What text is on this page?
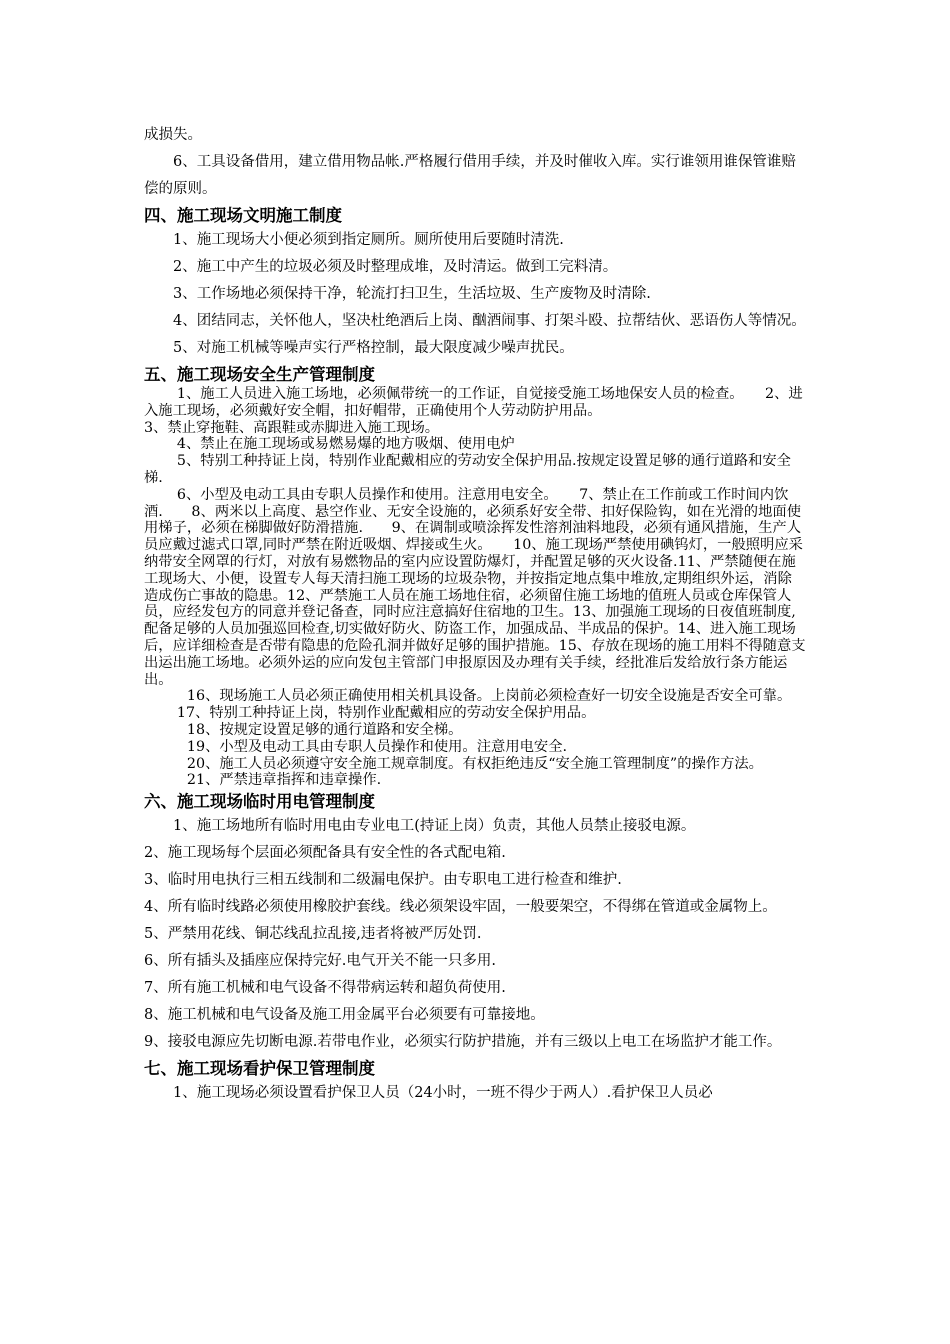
成损失。

6、工具设备借用，建立借用物品帐.严格履行借用手续，并及时催收入库。实行谁领用谁保管谁赔偿的原则。

四、施工现场文明施工制度

1、施工现场大小便必须到指定厕所。厕所使用后要随时清洗.

2、施工中产生的垃圾必须及时整理成堆，及时清运。做到工完料清。

3、工作场地必须保持干净，轮流打扫卫生，生活垃圾、生产废物及时清除.

4、团结同志，关怀他人，坚决杜绝酒后上岗、酗酒闹事、打架斗殴、拉帮结伙、恶语伤人等情况。

5、对施工机械等噪声实行严格控制，最大限度减少噪声扰民。

五、施工现场安全生产管理制度

1、施工人员进入施工场地，必须佩带统一的工作证，自觉接受施工场地保安人员的检查。　　2、进入施工现场，必须戴好安全帽，扣好帽带，正确使用个人劳动防护用品。

3、禁止穿拖鞋、高跟鞋或赤脚进入施工现场。

4、禁止在施工现场或易燃易爆的地方吸烟、使用电炉

5、特别工种持证上岗，特别作业配戴相应的劳动安全保护用品.按规定设置足够的通行道路和安全梯.

6、小型及电动工具由专职人员操作和使用。注意用电安全。　　7、禁止在工作前或工作时间内饮酒.　　8、两米以上高度、悬空作业、无安全设施的，必须系好安全带、扣好保险钩，如在光滑的地面使用梯子，必须在梯脚做好防滑措施.　　9、在调制或喷涂挥发性溶剂油料地段，必须有通风措施，生产人员应戴过滤式口罩,同时严禁在附近吸烟、焊接或生火。　　10、施工现场严禁使用碘钨灯，一般照明应采纳带安全网罩的行灯，对放有易燃物品的室内应设置防爆灯，并配置足够的灭火设备.11、严禁随便在施工现场大、小便，设置专人每天清扫施工现场的垃圾杂物，并按指定地点集中堆放,定期组织外运，消除造成伤亡事故的隐患。12、严禁施工人员在施工场地住宿，必须留住施工场地的值班人员或仓库保管人员，应经发包方的同意并登记备查，同时应注意搞好住宿地的卫生。13、加强施工现场的日夜值班制度,配备足够的人员加强巡回检查,切实做好防火、防盗工作，加强成品、半成品的保护。14、进入施工现场后，应详细检查是否带有隐患的危险孔洞并做好足够的围护措施。15、存放在现场的施工用料不得随意支出运出施工场地。必须外运的应向发包主管部门申报原因及办理有关手续，经批准后发给放行条方能运出。

16、现场施工人员必须正确使用相关机具设备。上岗前必须检查好一切安全设施是否安全可靠。

17、特别工种持证上岗，特别作业配戴相应的劳动安全保护用品。

18、按规定设置足够的通行道路和安全梯。

19、小型及电动工具由专职人员操作和使用。注意用电安全.

20、施工人员必须遵守安全施工规章制度。有权拒绝违反“安全施工管理制度”的操作方法。

21、严禁违章指挥和违章操作.

六、施工现场临时用电管理制度

1、施工场地所有临时用电由专业电工(持证上岗）负责，其他人员禁止接驳电源。

2、施工现场每个层面必须配备具有安全性的各式配电箱.

3、临时用电执行三相五线制和二级漏电保护。由专职电工进行检查和维护.

4、所有临时线路必须使用橡胶护套线。线必须架设牢固，一般要架空，不得绑在管道或金属物上。

5、严禁用花线、铜芯线乱拉乱接,违者将被严厉处罚.

6、所有插头及插座应保持完好.电气开关不能一只多用.

7、所有施工机械和电气设备不得带病运转和超负荷使用.

8、施工机械和电气设备及施工用金属平台必须要有可靠接地。

9、接驳电源应先切断电源.若带电作业，必须实行防护措施，并有三级以上电工在场监护才能工作。

七、施工现场看护保卫管理制度

1、施工现场必须设置看护保卫人员（24小时，一班不得少于两人）.看护保卫人员必
